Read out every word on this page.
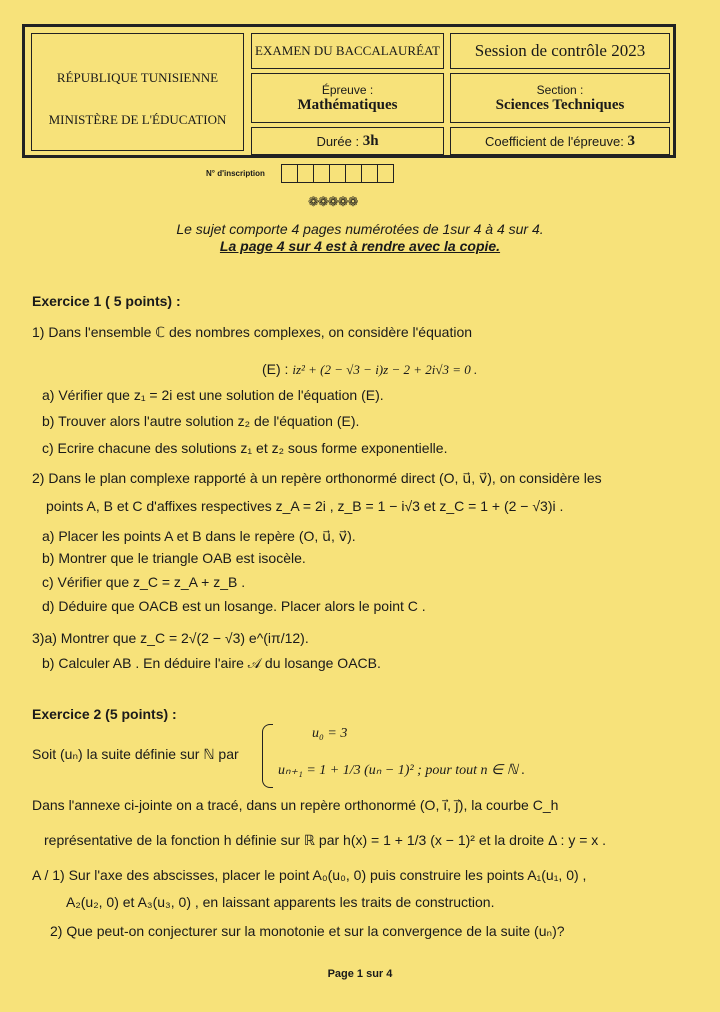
RÉPUBLIQUE TUNISIENNE
MINISTÈRE DE L'ÉDUCATION
EXAMEN DU BACCALAURÉAT Session de contrôle 2023
Épreuve :
Mathématiques
Section :
Sciences Techniques
Durée :
3h	Coefficient de l'épreuve:
3
N° d'inscription
❁❁❁❁❁
Le sujet comporte 4 pages numérotées de 1sur 4 à 4 sur 4.
La page 4 sur 4 est à rendre avec la copie.
Exercice 1 ( 5 points) :
1) Dans l'ensemble ℂ des nombres complexes, on considère l'équation
(E) : iz² + (2 − √3 − i)z − 2 + 2i√3 = 0 .
a) Vérifier que z₁ = 2i est une solution de l'équation (E).
b) Trouver alors l'autre solution z₂ de l'équation (E).
c) Ecrire chacune des solutions z₁ et z₂ sous forme exponentielle.
2) Dans le plan complexe rapporté à un repère orthonormé direct (O, u⃗, v⃗), on considère les
points A, B et C d'affixes respectives z_A = 2i , z_B = 1 − i√3 et z_C = 1 + (2 − √3)i .
a) Placer les points A et B dans le repère (O, u⃗, v⃗).
b) Montrer que le triangle OAB est isocèle.
c) Vérifier que z_C = z_A + z_B .
d) Déduire que OACB est un losange. Placer alors le point C .
3)a) Montrer que z_C = 2√(2 − √3) e^(iπ/12).
b) Calculer AB . En déduire l'aire 𝒜 du losange OACB.
Exercice 2 (5 points) :
Soit (uₙ) la suite définie sur ℕ par
u₀ = 3
uₙ₊₁ = 1 + 1/3 (uₙ − 1)² ; pour tout n ∈ ℕ .
Dans l'annexe ci-jointe on a tracé, dans un repère orthonormé (O, i⃗, j⃗), la courbe C_h
représentative de la fonction h définie sur ℝ par h(x) = 1 + 1/3 (x − 1)² et la droite Δ : y = x .
A / 1) Sur l'axe des abscisses, placer le point A₀(u₀, 0) puis construire les points A₁(u₁, 0) ,
A₂(u₂, 0) et A₃(u₃, 0) , en laissant apparents les traits de construction.
2) Que peut-on conjecturer sur la monotonie et sur la convergence de la suite (uₙ)?
Page 1 sur 4
